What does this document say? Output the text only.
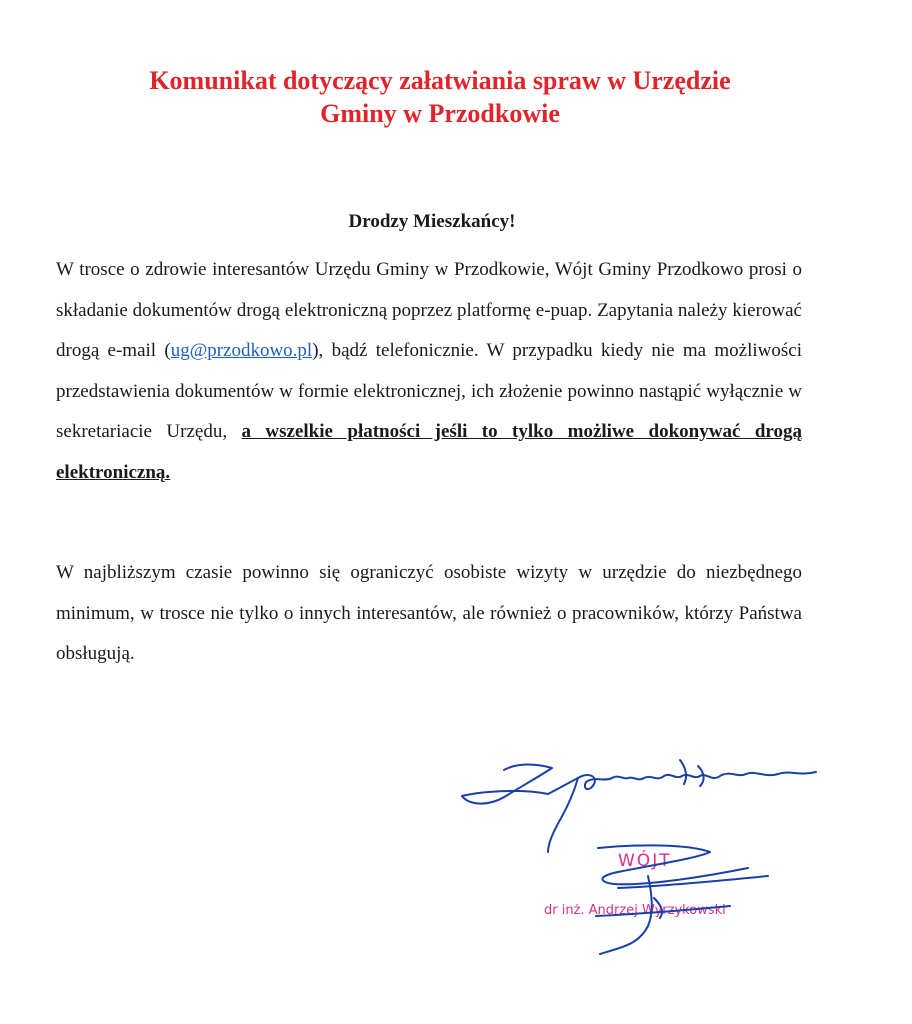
Komunikat dotyczący załatwiania spraw w Urzędzie
Gminy w Przodkowie
Drodzy Mieszkańcy!
W trosce o zdrowie interesantów Urzędu Gminy w Przodkowie, Wójt Gminy Przodkowo prosi o składanie dokumentów drogą elektroniczną poprzez platformę e-puap. Zapytania należy kierować drogą e-mail (ug@przodkowo.pl), bądź telefonicznie. W przypadku kiedy nie ma możliwości przedstawienia dokumentów w formie elektronicznej, ich złożenie powinno nastąpić wyłącznie w sekretariacie Urzędu, a wszelkie płatności jeśli to tylko możliwe dokonywać drogą elektroniczną.
W najbliższym czasie powinno się ograniczyć osobiste wizyty w urzędzie do niezbędnego minimum, w trosce nie tylko o innych interesantów, ale również o pracowników, którzy Państwa obsługują.
WÓJT
dr inż. Andrzej Wyrzykowski
